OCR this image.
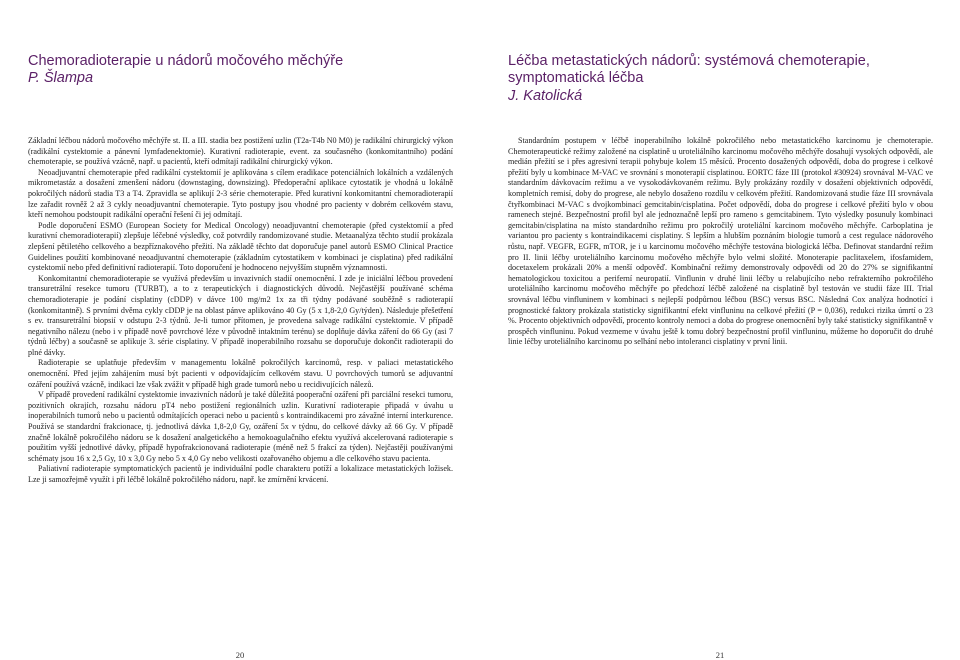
Chemoradioterapie u nádorů močového měchýře
P. Šlampa

Základní léčbou nádorů močového měchýře st. II. a III. stadia bez postižení uzlin (T2a-T4b N0 M0) je radikální chirurgický výkon (radikální cystektomie a pánevní lymfadenektomie). Kurativní radioterapie, event. za současného (konkomitantního) podání chemoterapie, se používá vzácně, např. u pacientů, kteří odmítají radikální chirurgický výkon.

Neoadjuvantní chemoterapie před radikální cystektomií je aplikována s cílem eradikace potenciálních lokálních a vzdálených mikrometastáz a dosažení zmenšení nádoru (downstaging, downsizing). Předoperační aplikace cytostatik je vhodná u lokálně pokročilých nádorů stadia T3 a T4. Zpravidla se aplikují 2-3 série chemoterapie. Před kurativní konkomitantní chemoradioterapií lze zařadit rovněž 2 až 3 cykly neoadjuvantní chemoterapie. Tyto postupy jsou vhodné pro pacienty v dobrém celkovém stavu, kteří nemohou podstoupit radikální operační řešení či jej odmítají.

Podle doporučení ESMO (European Society for Medical Oncology) neoadjuvantní chemoterapie (před cystektomií a před kurativní chemoradioterapií) zlepšuje léčebné výsledky, což potvrdily randomizované studie. Metaanalýza těchto studií prokázala zlepšení pětiletého celkového a bezpříznakového přežití. Na základě těchto dat doporučuje panel autorů ESMO Clinical Practice Guidelines použití kombinované neoadjuvantní chemoterapie (základním cytostatikem v kombinaci je cisplatina) před radikální cystektomií nebo před definitivní radioterapií. Toto doporučení je hodnoceno nejvyšším stupněm významnosti.

Konkomitantní chemoradioterapie se využívá především u invazivních stadií onemocnění. I zde je iniciální léčbou provedení transuretrální resekce tumoru (TURBT), a to z terapeutických i diagnostických důvodů. Nejčastější používané schéma chemoradioterapie je podání cisplatiny (cDDP) v dávce 100 mg/m2 1x za tři týdny podávané souběžně s radioterapií (konkomitantně). S prvními dvěma cykly cDDP je na oblast pánve aplikováno 40 Gy (5 x 1,8-2,0 Gy/týden). Následuje přešetření s ev. transuretrální biopsií v odstupu 2-3 týdnů. Je-li tumor přítomen, je provedena salvage radikální cystektomie. V případě negativního nálezu (nebo i v případě nově povrchové léze v původně intaktním terénu) se doplňuje dávka záření do 66 Gy (asi 7 týdnů léčby) a současně se aplikuje 3. série cisplatiny. V případě inoperabilního rozsahu se doporučuje dokončit radioterapii do plné dávky.

Radioterapie se uplatňuje především v managementu lokálně pokročilých karcinomů, resp. v paliaci metastatického onemocnění. Před jejím zahájením musí být pacienti v odpovídajícím celkovém stavu. U povrchových tumorů se adjuvantní ozáření používá vzácně, indikaci lze však zvážit v případě high grade tumorů nebo u recidivujících nálezů.

V případě provedení radikální cystektomie invazivních nádorů je také důležitá pooperační ozáření při parciální resekci tumoru, pozitivních okrajích, rozsahu nádoru pT4 nebo postižení regionálních uzlin. Kurativní radioterapie připadá v úvahu u inoperabilních tumorů nebo u pacientů odmítajících operaci nebo u pacientů s kontraindikacemi pro závažné interní interkurence. Používá se standardní frakcionace, tj. jednotlivá dávka 1,8-2,0 Gy, ozáření 5x v týdnu, do celkové dávky až 66 Gy. V případě značně lokálně pokročilého nádoru se k dosažení analgetického a hemokoagulačního efektu využívá akcelerovaná radioterapie s použitím vyšší jednotlivé dávky, případě hypofrakcionovaná radioterapie (méně než 5 frakcí za týden). Nejčastěji používanými schématy jsou 16 x 2,5 Gy, 10 x 3,0 Gy nebo 5 x 4,0 Gy nebo velikosti ozařovaného objemu a dle celkového stavu pacienta.

Paliativní radioterapie symptomatických pacientů je individuální podle charakteru potíží a lokalizace metastatických ložisek. Lze ji samozřejmě využít i při léčbě lokálně pokročilého nádoru, např. ke zmírnění krvácení.

20
Léčba metastatických nádorů: systémová chemoterapie,
symptomatická léčba
J. Katolická

Standardním postupem v léčbě inoperabilního lokálně pokročilého nebo metastatického karcinomu je chemoterapie. Chemoterapeutické režimy založené na cisplatině u uroteliálního karcinomu močového měchýře dosahují vysokých odpovědí, ale medián přežití se i přes agresivní terapii pohybuje kolem 15 měsíců. Procento dosažených odpovědí, doba do progrese i celkové přežití byly u kombinace M-VAC ve srovnání s monoterapií cisplatinou. EORTC fáze III (protokol #30924) srovnával M-VAC ve standardním dávkovacím režimu a ve vysokodávkovaném režimu. Byly prokázány rozdíly v dosažení objektivních odpovědí, kompletních remisí, doby do progrese, ale nebylo dosaženo rozdílu v celkovém přežití. Randomizovaná studie fáze III srovnávala čtyřkombinaci M-VAC s dvojkombinací gemcitabin/cisplatina. Počet odpovědí, doba do progrese i celkové přežití bylo v obou ramenech stejné. Bezpečnostní profil byl ale jednoznačně lepší pro rameno s gemcitabinem. Tyto výsledky posunuly kombinaci gemcitabin/cisplatina na místo standardního režimu pro pokročilý uroteliální karcinom močového měchýře. Carboplatina je variantou pro pacienty s kontraindikacemi cisplatiny. S lepším a hlubším poznáním biologie tumorů a cest regulace nádorového růstu, např. VEGFR, EGFR, mTOR, je i u karcinomu močového měchýře testována biologická léčba. Definovat standardní režim pro II. linii léčby uroteliálního karcinomu močového měchýře bylo velmi složité. Monoterapie paclitaxelem, ifosfamidem, docetaxelem prokázali 20% a menší odpověď. Kombinační režimy demonstrovaly odpovědi od 20 do 27% se signifikantní hematologickou toxicitou a periferní neuropatií. Vinflunin v druhé linii léčby u relabujícího nebo refrakterního pokročilého uroteliálního karcinomu močového měchýře po předchozí léčbě založené na cisplatině byl testován ve studii fáze III. Trial srovnával léčbu vinfluninem v kombinaci s nejlepší podpůrnou léčbou (BSC) versus BSC. Následná Cox analýza hodnotící i prognostické faktory prokázala statisticky signifikantní efekt vinfluninu na celkové přežití (P = 0,036), redukci rizika úmrtí o 23 %. Procento objektivních odpovědí, procento kontroly nemoci a doba do progrese onemocnění byly také statisticky signifikantně v prospěch vinfluninu. Pokud vezmeme v úvahu ještě k tomu dobrý bezpečnostní profil vinfluninu, můžeme ho doporučit do druhé linie léčby uroteliálního karcinomu po selhání nebo intoleranci cisplatiny v první linii.

21
